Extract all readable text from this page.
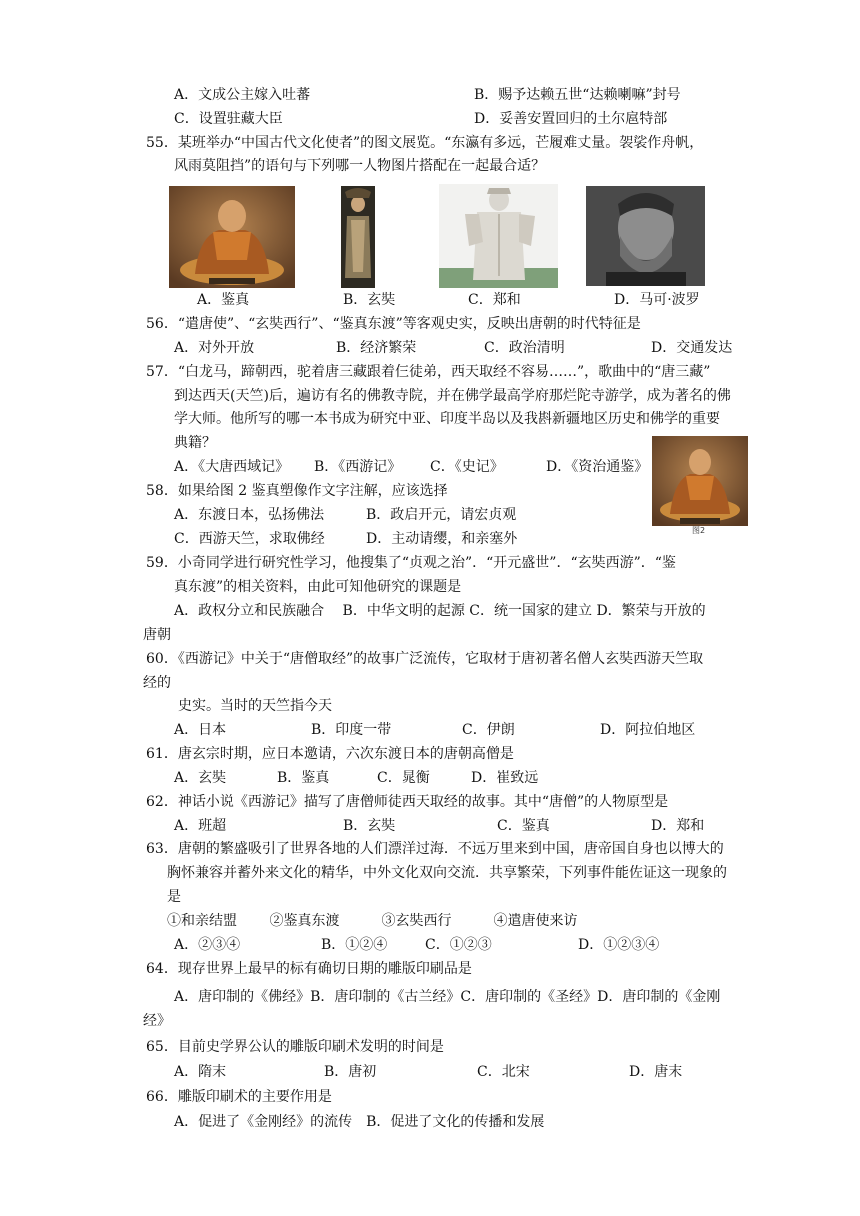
A．文成公主嫁入吐蕃	B．赐予达赖五世“达赖喇嘛”封号
C．设置驻藏大臣	D．妥善安置回归的土尔扈特部
55．某班举办“中国古代文化使者”的图文展览。“东瀛有多远，芒履难丈量。袈裟作舟帆，
风雨莫阻挡”的语句与下列哪一人物图片搭配在一起最合适？
A．鉴真	B．玄奘	C．郑和	D．马可·波罗
56．“遣唐使”、“玄奘西行”、“鉴真东渡”等客观史实，反映出唐朝的时代特征是
A．对外开放	B．经济繁荣	C．政治清明	D．交通发达
57．“白龙马，蹄朝西，驼着唐三藏跟着仨徒弟，西天取经不容易……”，歌曲中的“唐三藏”
到达西天(天竺)后，遍访有名的佛教寺院，并在佛学最高学府那烂陀寺游学，成为著名的佛
学大师。他所写的哪一本书成为研究中亚、印度半岛以及我斟新疆地区历史和佛学的重要
典籍？
A．《大唐西域记》 B．《西游记》 C．《史记》	D．《资治通鉴》
图2
58．如果给图 2 鉴真塑像作文字注解，应该选择
A．东渡日本，弘扬佛法	B．政启开元，请宏贞观
C．西游天竺，求取佛经	D．主动请缨，和亲塞外
59．小奇同学进行研究性学习，他搜集了“贞观之治”．“开元盛世”．“玄奘西游”．“鉴
真东渡”的相关资料，由此可知他研究的课题是
A．政权分立和民族融合　 B．中华文明的起源 C．统一国家的建立 D．繁荣与开放的
唐朝
60．《西游记》中关于“唐僧取经”的故事广泛流传，它取材于唐初著名僧人玄奘西游天竺取
经的
史实。当时的天竺指今天
A．日本	B．印度一带	C．伊朗	D．阿拉伯地区
61．唐玄宗时期，应日本邀请，六次东渡日本的唐朝高僧是
A．玄奘	B．鉴真	C．晁衡	D．崔致远
62．神话小说《西游记》描写了唐僧师徒西天取经的故事。其中“唐僧”的人物原型是
A．班超	B．玄奘	C．鉴真	D．郑和
63．唐朝的繁盛吸引了世界各地的人们漂洋过海．不远万里来到中国，唐帝国自身也以博大的
胸怀兼容并蓄外来文化的精华，中外文化双向交流．共享繁荣，下列事件能佐证这一现象的
是
①和亲结盟　　 ②鉴真东渡　　　③玄奘西行　　　④遣唐使来访
A．②③④	B．①②④	C．①②③	D．①②③④
64．现存世界上最早的标有确切日期的雕版印刷品是
A．唐印制的《佛经》B．唐印制的《古兰经》C．唐印制的《圣经》D．唐印制的《金刚
经》
65．目前史学界公认的雕版印刷术发明的时间是
A．隋末	B．唐初	C．北宋	D．唐末
66．雕版印刷术的主要作用是
A．促进了《金刚经》的流传　B．促进了文化的传播和发展
